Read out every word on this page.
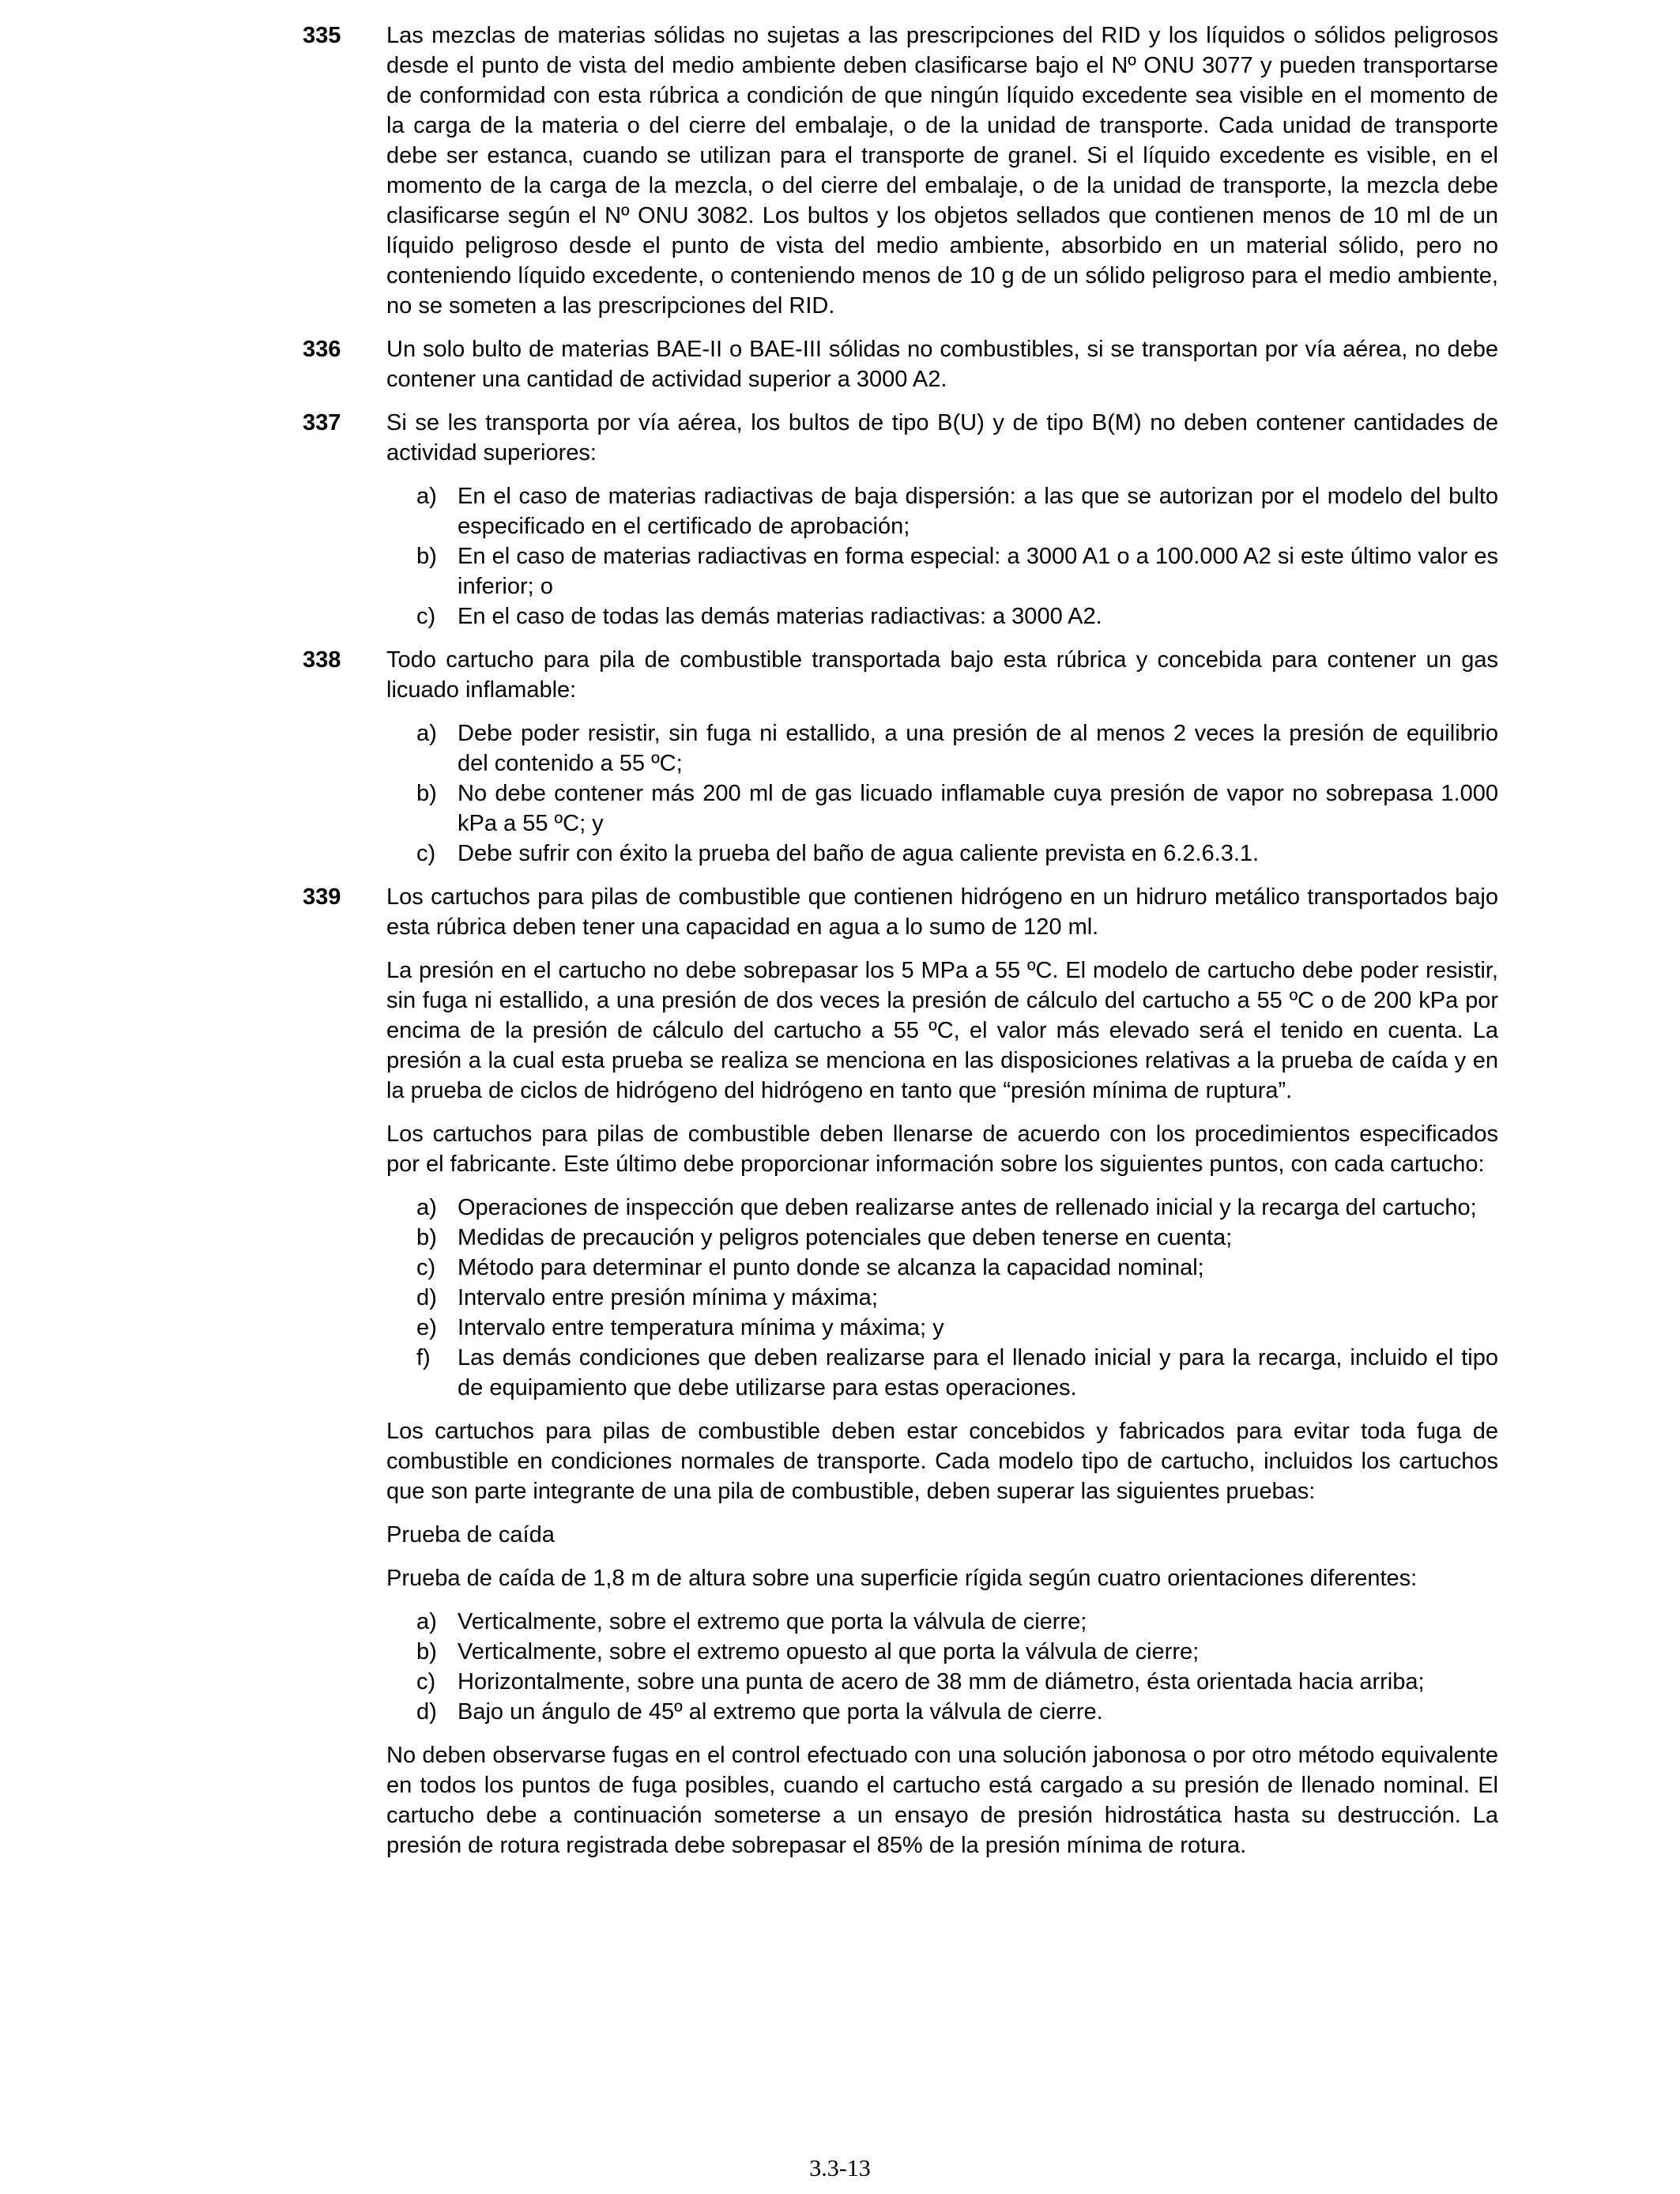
335	Las mezclas de materias sólidas no sujetas a las prescripciones del RID y los líquidos o sólidos peligrosos desde el punto de vista del medio ambiente deben clasificarse bajo el Nº ONU 3077 y pueden transportarse de conformidad con esta rúbrica a condición de que ningún líquido excedente sea visible en el momento de la carga de la materia o del cierre del embalaje, o de la unidad de transporte. Cada unidad de transporte debe ser estanca, cuando se utilizan para el transporte de granel. Si el líquido excedente es visible, en el momento de la carga de la mezcla, o del cierre del embalaje, o de la unidad de transporte, la mezcla debe clasificarse según el Nº ONU 3082. Los bultos y los objetos sellados que contienen menos de 10 ml de un líquido peligroso desde el punto de vista del medio ambiente, absorbido en un material sólido, pero no conteniendo líquido excedente, o conteniendo menos de 10 g de un sólido peligroso para el medio ambiente, no se someten a las prescripciones del RID.

336	Un solo bulto de materias BAE-II o BAE-III sólidas no combustibles, si se transportan por vía aérea, no debe contener una cantidad de actividad superior a 3000 A2.

337	Si se les transporta por vía aérea, los bultos de tipo B(U) y de tipo B(M) no deben contener cantidades de actividad superiores:

a) En el caso de materias radiactivas de baja dispersión: a las que se autorizan por el modelo del bulto especificado en el certificado de aprobación;
b) En el caso de materias radiactivas en forma especial: a 3000 A1 o a 100.000 A2 si este último valor es inferior; o
c) En el caso de todas las demás materias radiactivas: a 3000 A2.
338	Todo cartucho para pila de combustible transportada bajo esta rúbrica y concebida para contener un gas licuado inflamable:

a) Debe poder resistir, sin fuga ni estallido, a una presión de al menos 2 veces la presión de equilibrio del contenido a 55 ºC;
b) No debe contener más 200 ml de gas licuado inflamable cuya presión de vapor no sobrepasa 1.000 kPa a 55 ºC; y
c) Debe sufrir con éxito la prueba del baño de agua caliente prevista en 6.2.6.3.1.
339	Los cartuchos para pilas de combustible que contienen hidrógeno en un hidruro metálico transportados bajo esta rúbrica deben tener una capacidad en agua a lo sumo de 120 ml.

La presión en el cartucho no debe sobrepasar los 5 MPa a 55 ºC. El modelo de cartucho debe poder resistir, sin fuga ni estallido, a una presión de dos veces la presión de cálculo del cartucho a 55 ºC o de 200 kPa por encima de la presión de cálculo del cartucho a 55 ºC, el valor más elevado será el tenido en cuenta. La presión a la cual esta prueba se realiza se menciona en las disposiciones relativas a la prueba de caída y en la prueba de ciclos de hidrógeno del hidrógeno en tanto que “presión mínima de ruptura”.

Los cartuchos para pilas de combustible deben llenarse de acuerdo con los procedimientos especificados por el fabricante. Este último debe proporcionar información sobre los siguientes puntos, con cada cartucho:

a) Operaciones de inspección que deben realizarse antes de rellenado inicial y la recarga del cartucho;
b) Medidas de precaución y peligros potenciales que deben tenerse en cuenta;
c) Método para determinar el punto donde se alcanza la capacidad nominal;
d) Intervalo entre presión mínima y máxima;
e) Intervalo entre temperatura mínima y máxima; y
f)	Las demás condiciones que deben realizarse para el llenado inicial y para la recarga, incluido el tipo de equipamiento que debe utilizarse para estas operaciones.

Los cartuchos para pilas de combustible deben estar concebidos y fabricados para evitar toda fuga de combustible en condiciones normales de transporte. Cada modelo tipo de cartucho, incluidos los cartuchos que son parte integrante de una pila de combustible, deben superar las siguientes pruebas:

Prueba de caída

Prueba de caída de 1,8 m de altura sobre una superficie rígida según cuatro orientaciones diferentes:

a) Verticalmente, sobre el extremo que porta la válvula de cierre;
b) Verticalmente, sobre el extremo opuesto al que porta la válvula de cierre;
c) Horizontalmente, sobre una punta de acero de 38 mm de diámetro, ésta orientada hacia arriba;
d) Bajo un ángulo de 45º al extremo que porta la válvula de cierre.

No deben observarse fugas en el control efectuado con una solución jabonosa o por otro método equivalente en todos los puntos de fuga posibles, cuando el cartucho está cargado a su presión de llenado nominal. El cartucho debe a continuación someterse a un ensayo de presión hidrostática hasta su destrucción. La presión de rotura registrada debe sobrepasar el 85% de la presión mínima de rotura.

3.3-13
